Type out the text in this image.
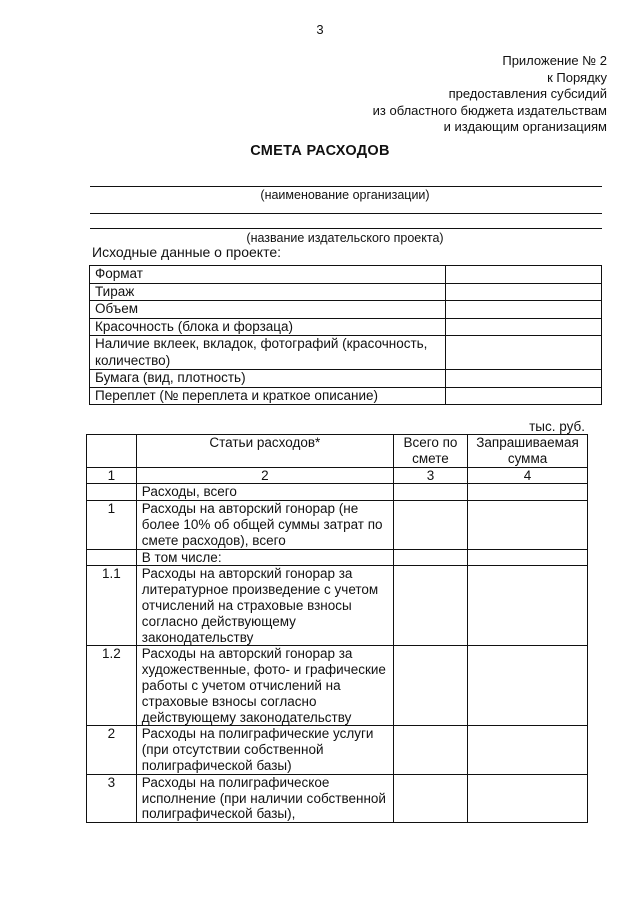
3
Приложение № 2
к Порядку
предоставления субсидий
из областного бюджета издательствам
и издающим организациям
СМЕТА РАСХОДОВ
(наименование организации)
(название издательского проекта)
Исходные данные о проекте:
Формат	
Тираж	
Объем	
Красочность (блока и форзаца)	
Наличие вклеек, вкладок, фотографий (красочность, количество)	
Бумага (вид, плотность)	
Переплет (№ переплета и краткое описание)	
тыс. руб.
	Статьи расходов*	Всего по смете	Запрашиваемая сумма
1	2	3	4
	Расходы, всего		
1	Расходы на авторский гонорар (не более 10% об общей суммы затрат по смете расходов), всего		
	В том числе:		
1.1	Расходы на авторский гонорар за литературное произведение с учетом отчислений на страховые взносы согласно действующему законодательству		
1.2	Расходы на авторский гонорар за художественные, фото- и графические работы с учетом отчислений на страховые взносы согласно действующему законодательству		
2	Расходы на полиграфические услуги (при отсутствии собственной полиграфической базы)		
3	Расходы на полиграфическое исполнение (при наличии собственной полиграфической базы),		
